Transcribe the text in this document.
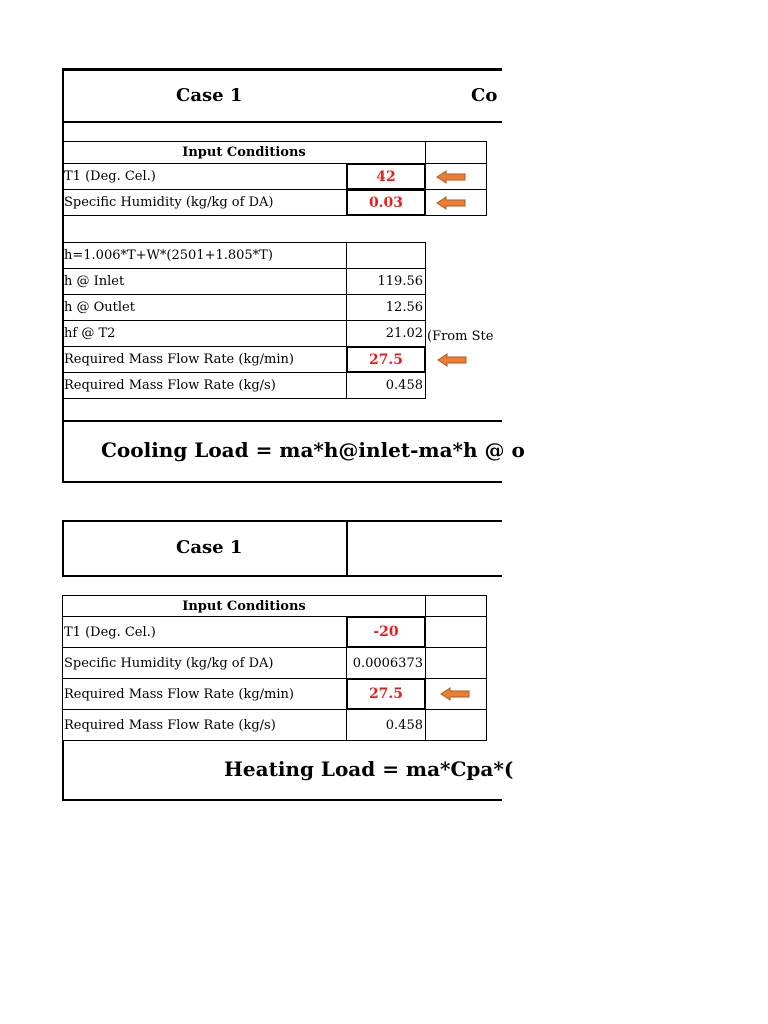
Case 1	Co
Input Conditions
T1 (Deg. Cel.)	42
Specific Humidity (kg/kg of DA)	0.03
h=1.006*T+W*(2501+1.805*T)
h @ Inlet	119.56
h @ Outlet	12.56
hf @ T2	21.02 (From Ste
Required Mass Flow Rate (kg/min)	27.5
Required Mass Flow Rate (kg/s)	0.458
Cooling Load = ma*h@inlet-ma*h @ o
Case 1
Input Conditions
T1 (Deg. Cel.)	-20
Specific Humidity (kg/kg of DA)	0.0006373
Required Mass Flow Rate (kg/min)	27.5
Required Mass Flow Rate (kg/s)	0.458
Heating Load = ma*Cpa*(
